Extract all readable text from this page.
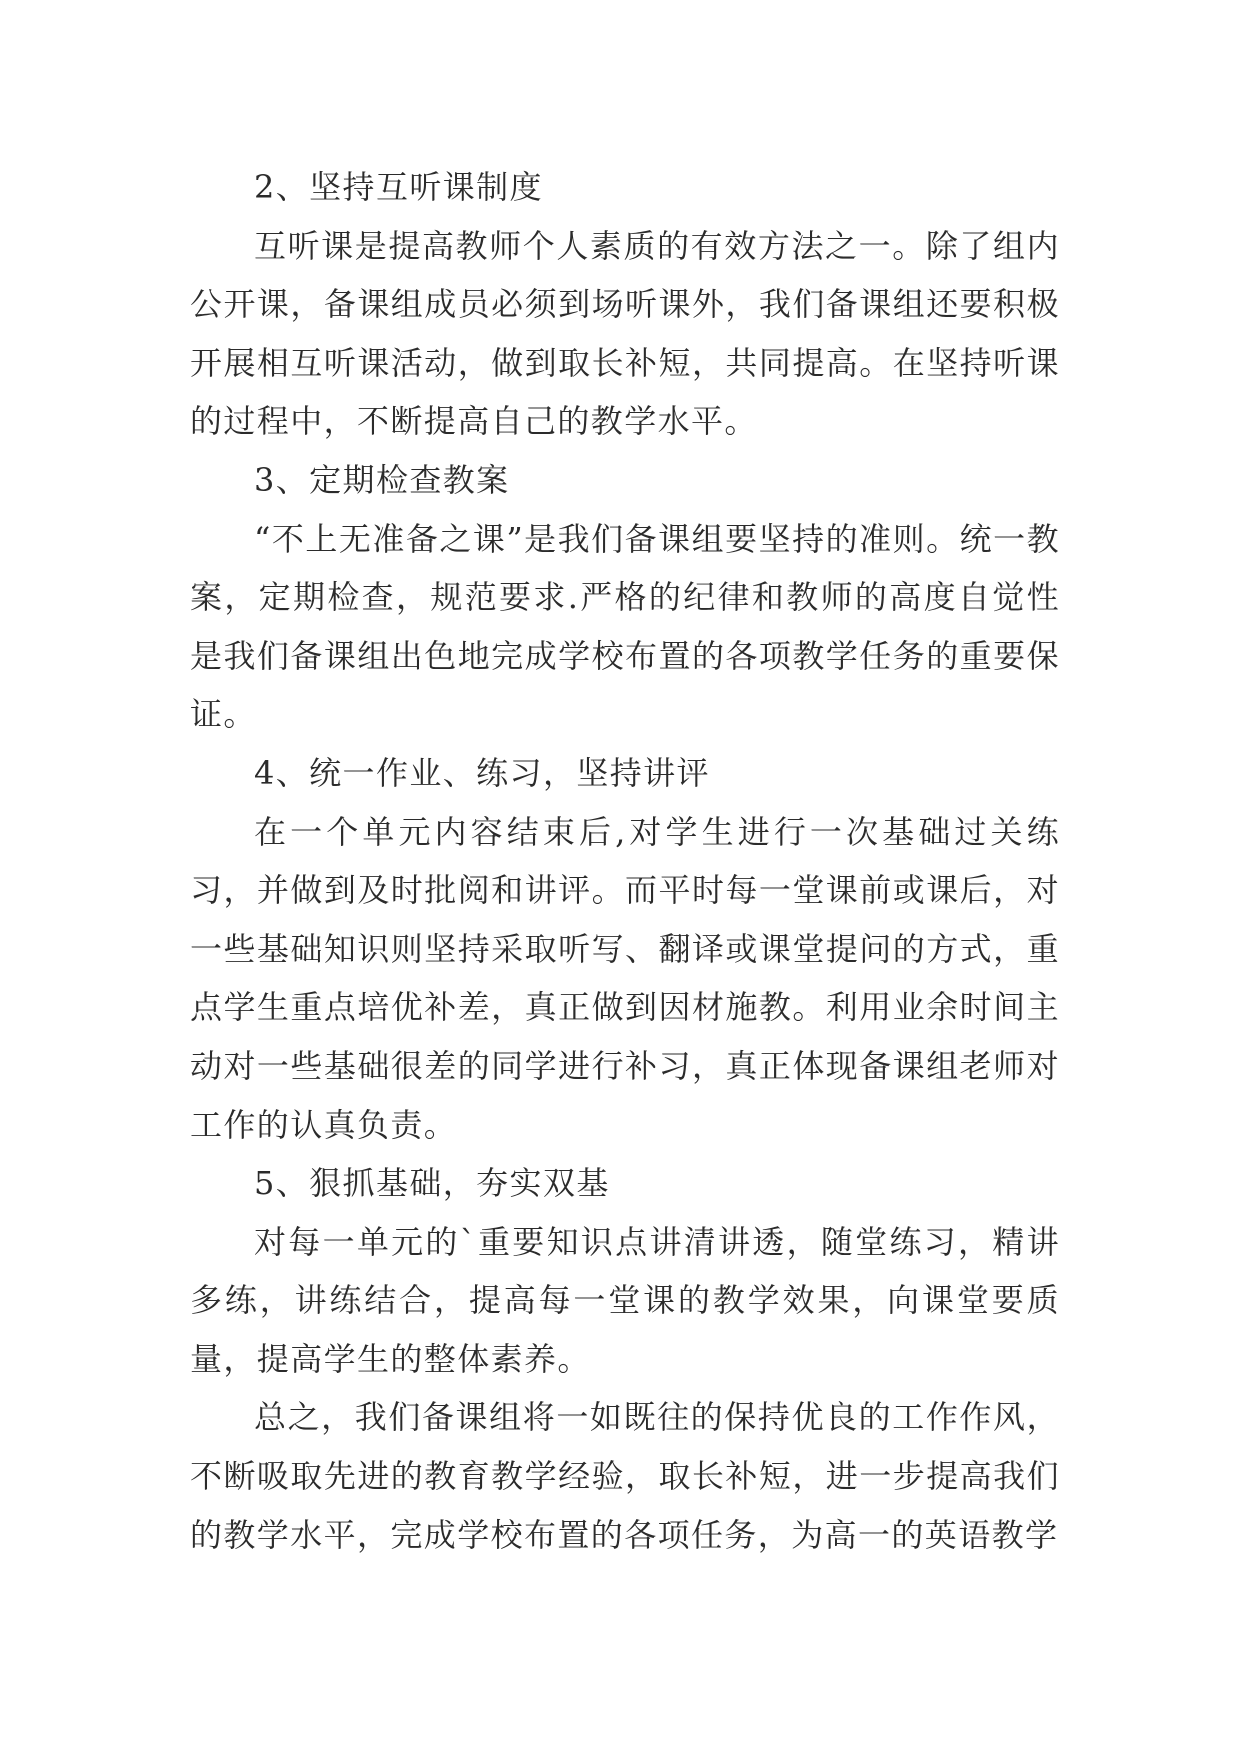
2、坚持互听课制度

互听课是提高教师个人素质的有效方法之一。除了组内公开课，备课组成员必须到场听课外，我们备课组还要积极开展相互听课活动，做到取长补短，共同提高。在坚持听课的过程中，不断提高自己的教学水平。

3、定期检查教案

“不上无准备之课”是我们备课组要坚持的准则。统一教案，定期检查，规范要求.严格的纪律和教师的高度自觉性是我们备课组出色地完成学校布置的各项教学任务的重要保证。

4、统一作业、练习，坚持讲评

在一个单元内容结束后,对学生进行一次基础过关练习，并做到及时批阅和讲评。而平时每一堂课前或课后，对一些基础知识则坚持采取听写、翻译或课堂提问的方式，重点学生重点培优补差，真正做到因材施教。利用业余时间主动对一些基础很差的同学进行补习，真正体现备课组老师对工作的认真负责。

5、狠抓基础，夯实双基

对每一单元的`重要知识点讲清讲透，随堂练习，精讲多练，讲练结合，提高每一堂课的教学效果，向课堂要质量，提高学生的整体素养。

总之，我们备课组将一如既往的保持优良的工作作风，不断吸取先进的教育教学经验，取长补短，进一步提高我们的教学水平，完成学校布置的各项任务，为高一的英语教学
